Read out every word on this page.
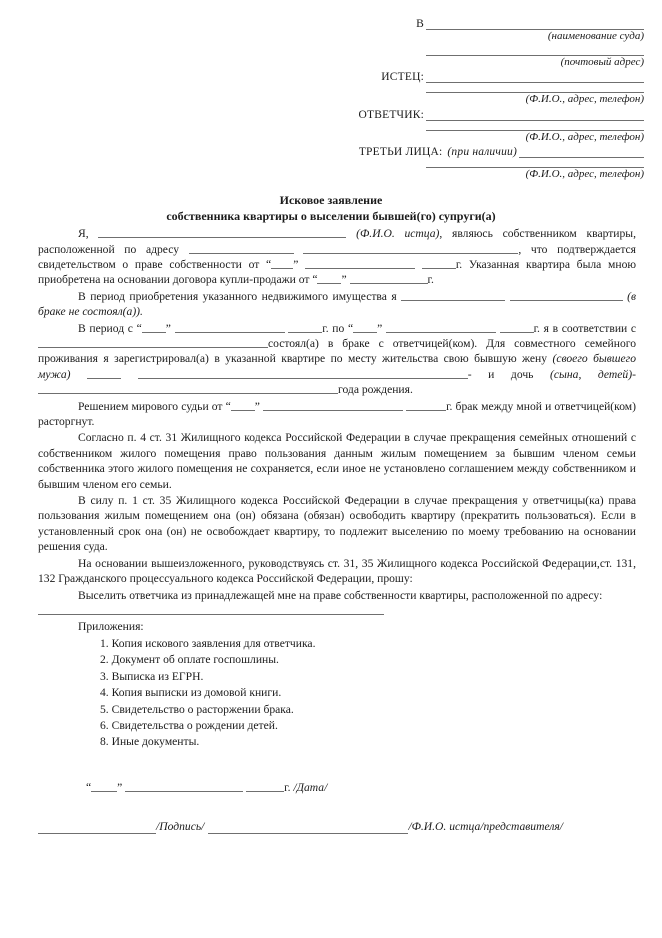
В
(наименование суда)
(почтовый адрес)
ИСТЕЦ:
(Ф.И.О., адрес, телефон)
ОТВЕТЧИК:
(Ф.И.О., адрес, телефон)
ТРЕТЬИ ЛИЦА: (при наличии)
(Ф.И.О., адрес, телефон)
Исковое заявление
собственника квартиры о выселении бывшей(го) супруги(а)

Я,	(Ф.И.О. истца), являюсь собственником квартиры, расположенной по адресу	, что подтверждается свидетельством о праве собственности от “ ”	г. Указанная квартира была мною приобретена на основании договора купли-продажи от “ ”	г.

В период приобретения указанного недвижимого имущества я	(в браке не состоял(а)).

В период с “ ”	г. по “ ”	г. я в соответствии с состоял(а) в браке с ответчицей(ком). Для совместного семейного проживания я зарегистрировал(а) в указанной квартире по месту жительства свою бывшую жену (своего бывшего мужа)	- и дочь (сына, детей)- года рождения.

Решением мирового судьи от “ ”	г. брак между мной и ответчицей(ком) расторгнут.

Согласно п. 4 ст. 31 Жилищного кодекса Российской Федерации в случае прекращения семейных отношений с собственником жилого помещения право пользования данным жилым помещением за бывшим членом семьи собственника этого жилого помещения не сохраняется, если иное не установлено соглашением между собственником и бывшим членом его семьи.

В силу п. 1 ст. 35 Жилищного кодекса Российской Федерации в случае прекращения у ответчицы(ка) права пользования жилым помещением она (он) обязана (обязан) освободить квартиру (прекратить пользоваться). Если в установленный срок она (он) не освобождает квартиру, то подлежит выселению по моему требованию на основании решения суда.

На основании вышеизложенного, руководствуясь ст. 31, 35 Жилищного кодекса Российской Федерации,ст. 131, 132 Гражданского процессуального кодекса Российской Федерации, прошу:

Выселить ответчика из принадлежащей мне на праве собственности квартиры, расположенной по адресу:

Приложения:

1. Копия искового заявления для ответчика.
2. Документ об оплате госпошлины.
3. Выписка из ЕГРН.
4. Копия выписки из домовой книги.
5. Свидетельство о расторжении брака.
6. Свидетельства о рождении детей.
8. Иные документы.
“ ”	г. /Дата/
/Подпись/	/Ф.И.О. истца/представителя/
